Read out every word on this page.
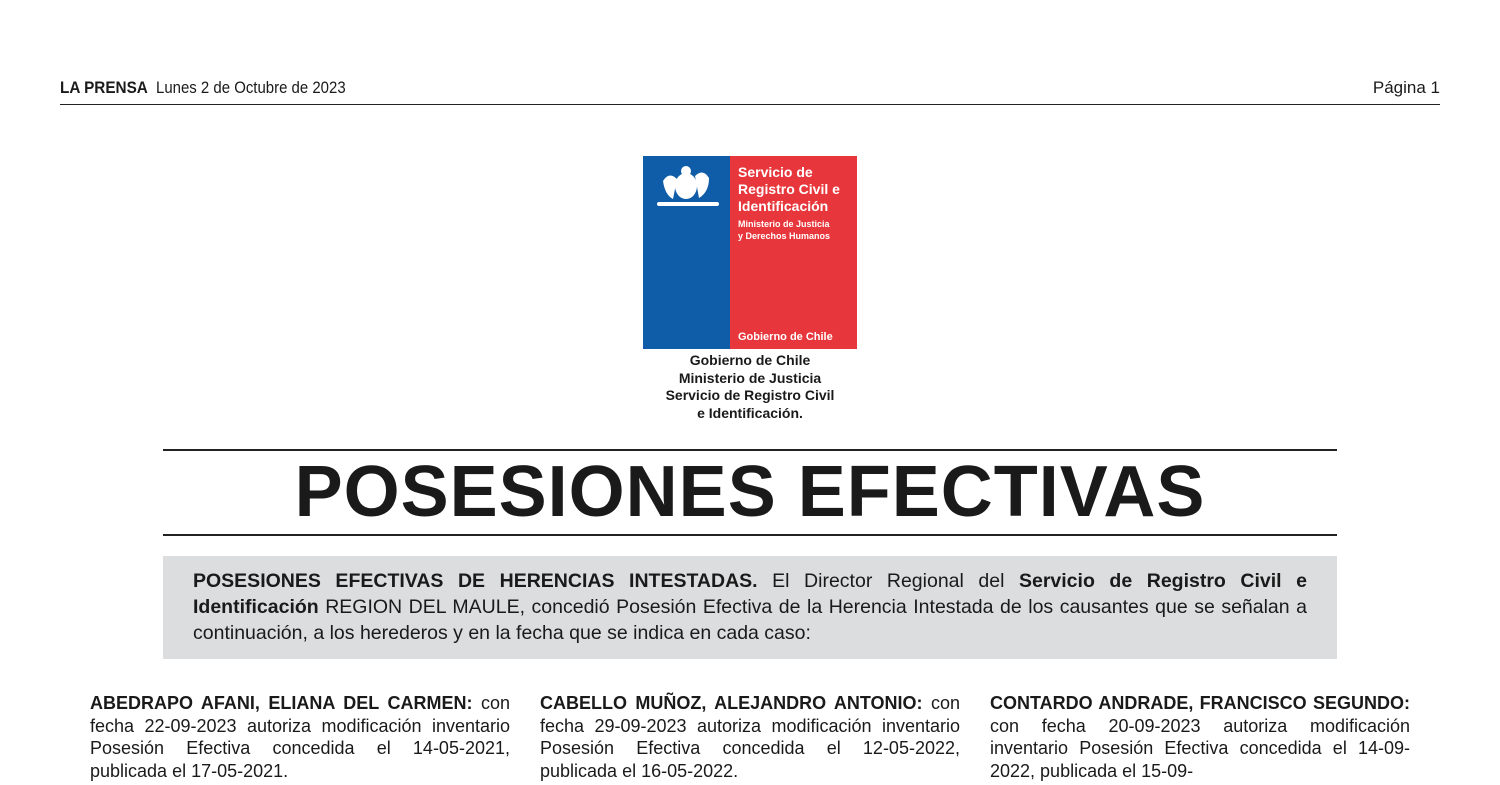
LA PRENSA Lunes 2 de Octubre de 2023	Página 1
Servicio de
Registro Civil e
Identificación
Ministerio de Justicia
y Derechos Humanos
Gobierno de Chile
Gobierno de Chile
Ministerio de Justicia
Servicio de Registro Civil
e Identificación.
POSESIONES EFECTIVAS
POSESIONES EFECTIVAS DE HERENCIAS INTESTADAS. El Director Regional del Servicio de Registro Civil e Identificación REGION DEL MAULE, concedió Posesión Efectiva de la Herencia Intestada de los causantes que se señalan a continuación, a los herederos y en la fecha que se indica en cada caso:
ABEDRAPO AFANI, ELIANA DEL CARMEN: con fecha 22-09-2023 autoriza modificación inventario Posesión Efectiva concedida el 14-05-2021, publicada el 17-05-2021.
CABELLO MUÑOZ, ALEJANDRO ANTONIO: con fecha 29-09-2023 autoriza modificación inventario Posesión Efectiva concedida el 12-05-2022, publicada el 16-05-2022.
CONTARDO ANDRADE, FRANCISCO SEGUNDO: con fecha 20-09-2023 autoriza modificación inventario Posesión Efectiva concedida el 14-09-2022, publicada el 15-09-
